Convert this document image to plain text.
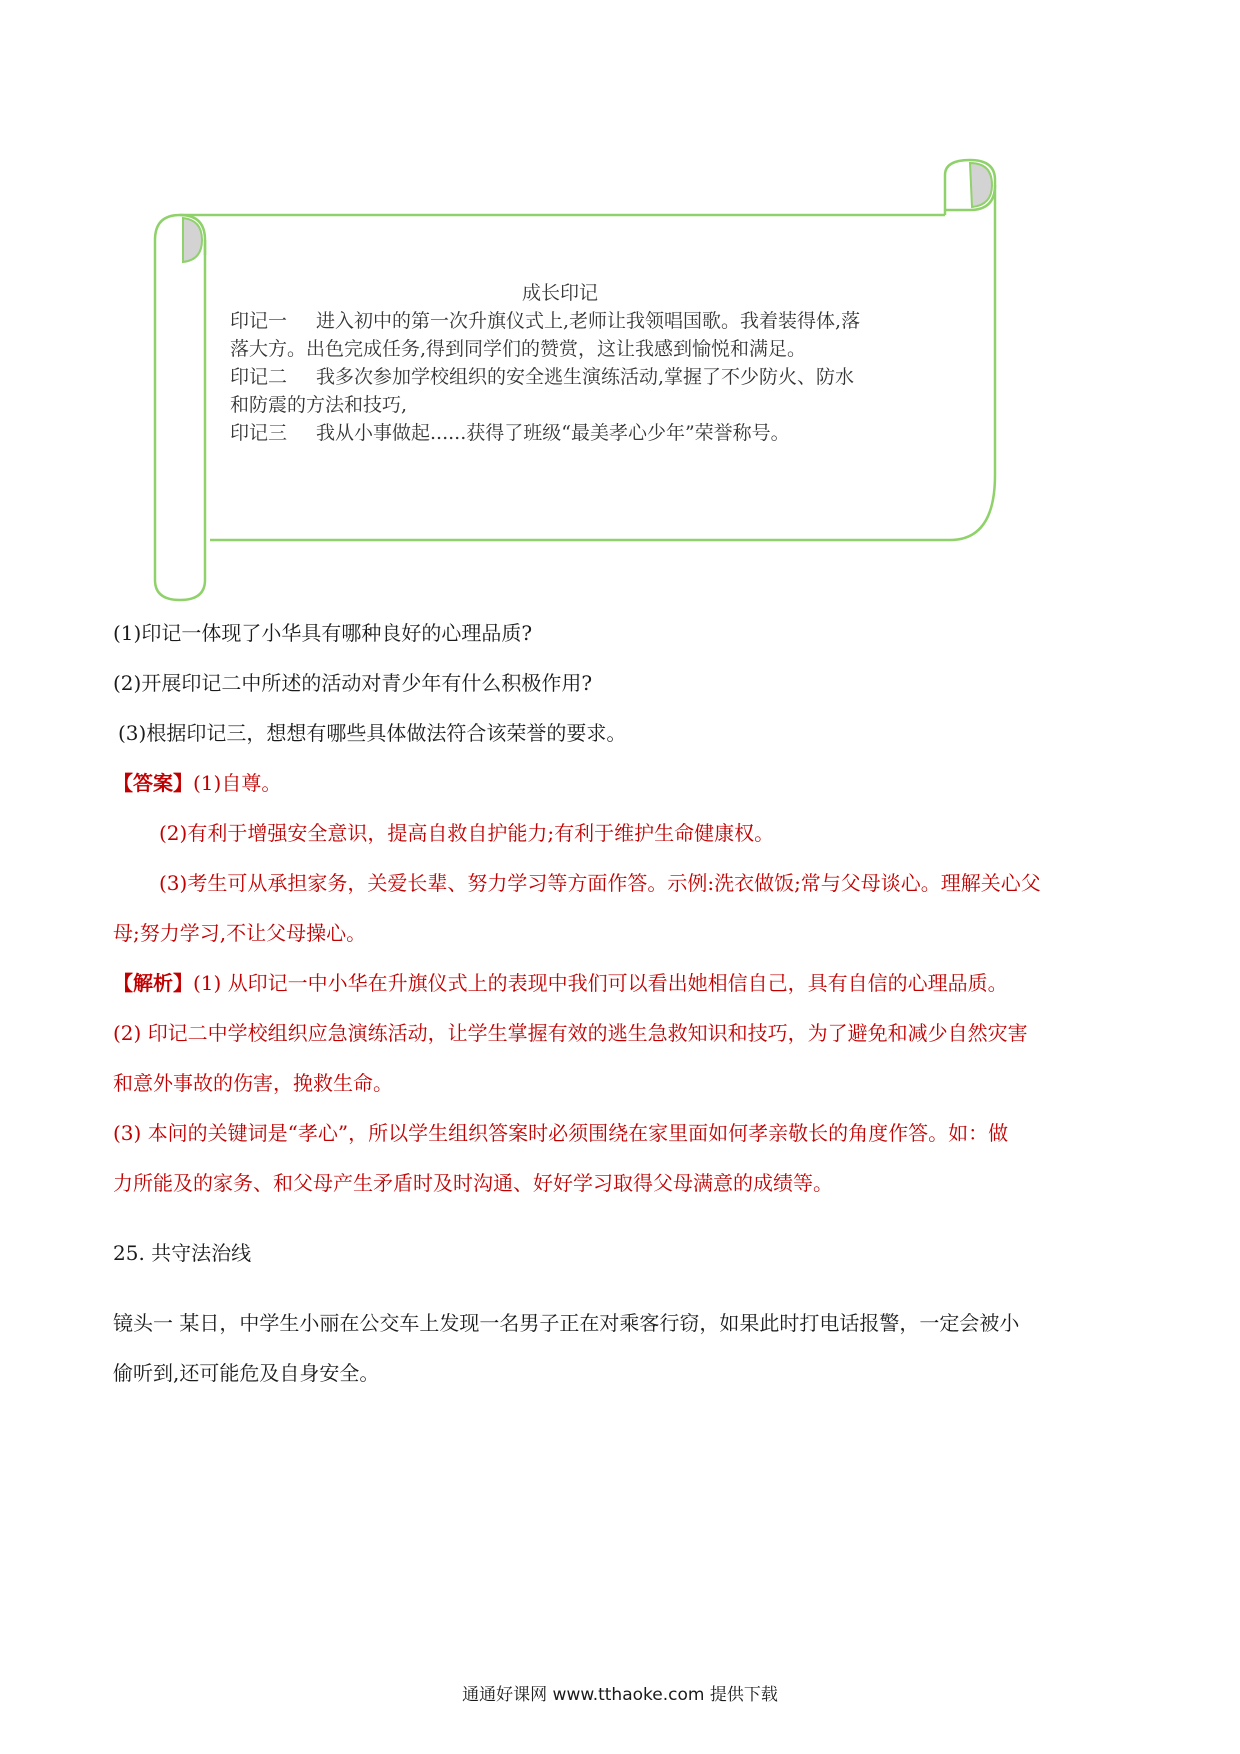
成长印记
印记一 进入初中的第一次升旗仪式上,老师让我领唱国歌。我着装得体,落
落大方。出色完成任务,得到同学们的赞赏，这让我感到愉悦和满足。
印记二 我多次参加学校组织的安全逃生演练活动,掌握了不少防火、防水
和防震的方法和技巧,
印记三 我从小事做起......获得了班级“最美孝心少年”荣誉称号。
(1)印记一体现了小华具有哪种良好的心理品质?
(2)开展印记二中所述的活动对青少年有什么积极作用?
(3)根据印记三，想想有哪些具体做法符合该荣誉的要求。
【答案】(1)自尊。
(2)有利于增强安全意识，提高自救自护能力;有利于维护生命健康权。
(3)考生可从承担家务，关爱长辈、努力学习等方面作答。示例:洗衣做饭;常与父母谈心。理解关心父
母;努力学习,不让父母操心。
【解析】(1) 从印记一中小华在升旗仪式上的表现中我们可以看出她相信自己，具有自信的心理品质。
(2) 印记二中学校组织应急演练活动，让学生掌握有效的逃生急救知识和技巧，为了避免和减少自然灾害
和意外事故的伤害，挽救生命。
(3) 本问的关键词是“孝心”，所以学生组织答案时必须围绕在家里面如何孝亲敬长的角度作答。如：做
力所能及的家务、和父母产生矛盾时及时沟通、好好学习取得父母满意的成绩等。
25. 共守法治线
镜头一 某日，中学生小丽在公交车上发现一名男子正在对乘客行窃，如果此时打电话报警，一定会被小
偷听到,还可能危及自身安全。
通通好课网 www.tthaoke.com 提供下载
